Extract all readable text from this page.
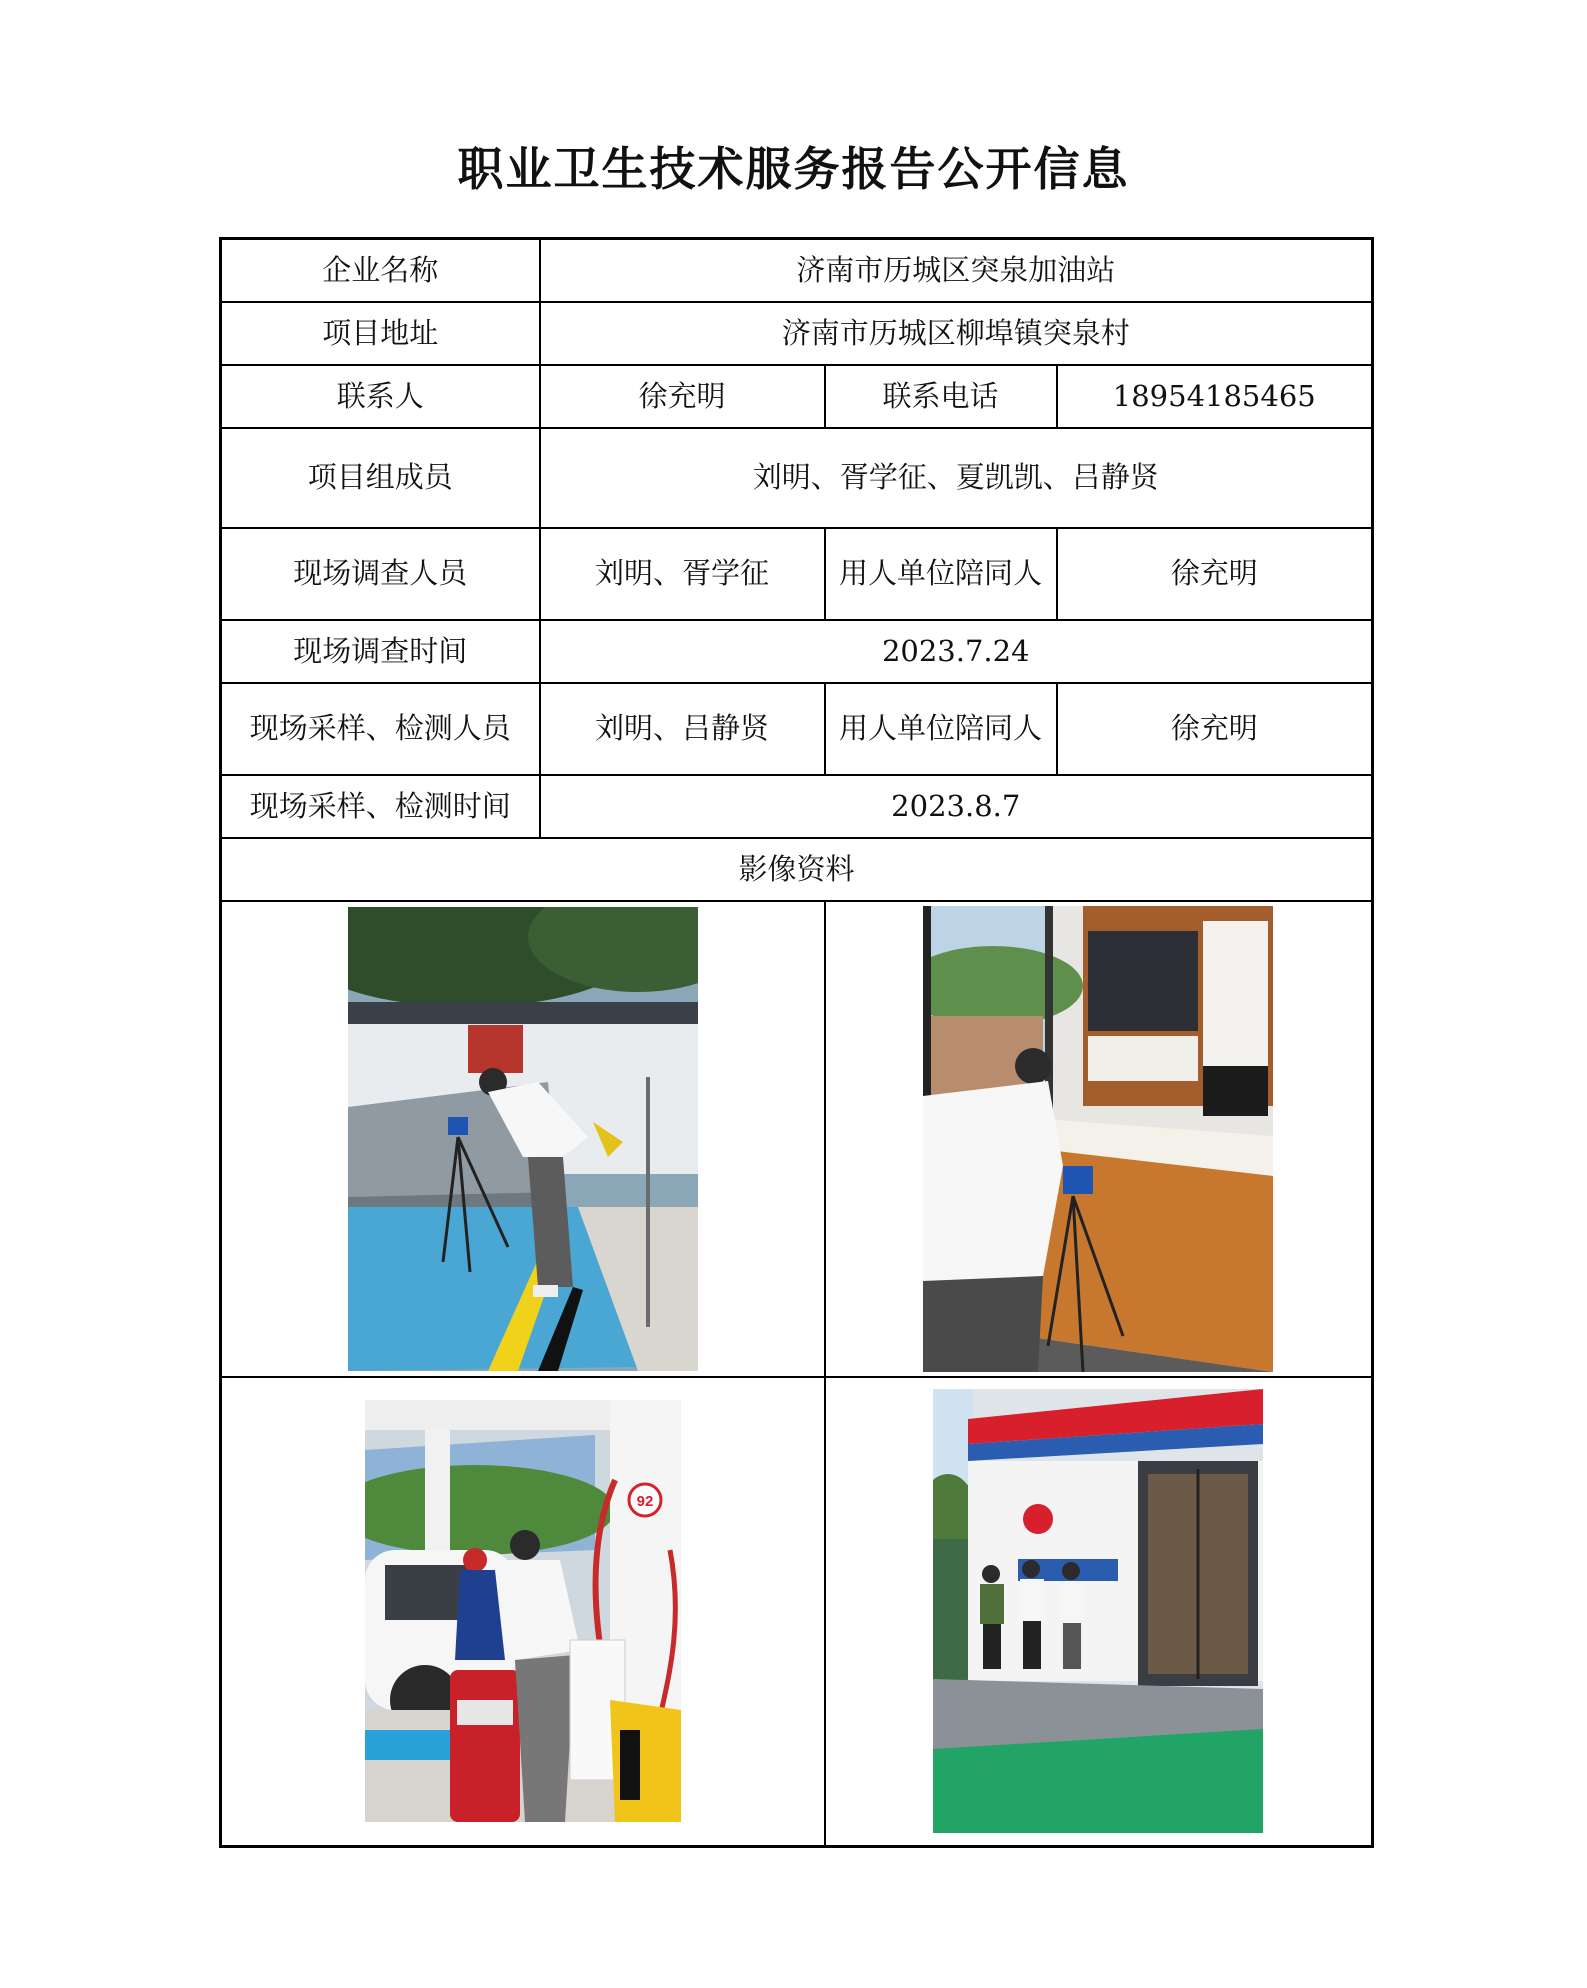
职业卫生技术服务报告公开信息
企业名称	济南市历城区突泉加油站		
项目地址	济南市历城区柳埠镇突泉村		
联系人	徐充明	联系电话	18954185465
项目组成员	刘明、胥学征、夏凯凯、吕静贤		
现场调查人员	刘明、胥学征	用人单位陪同人	徐充明
现场调查时间	2023.7.24		
现场采样、检测人员	刘明、吕静贤	用人单位陪同人	徐充明
现场采样、检测时间	2023.8.7		
影像资料			

92
